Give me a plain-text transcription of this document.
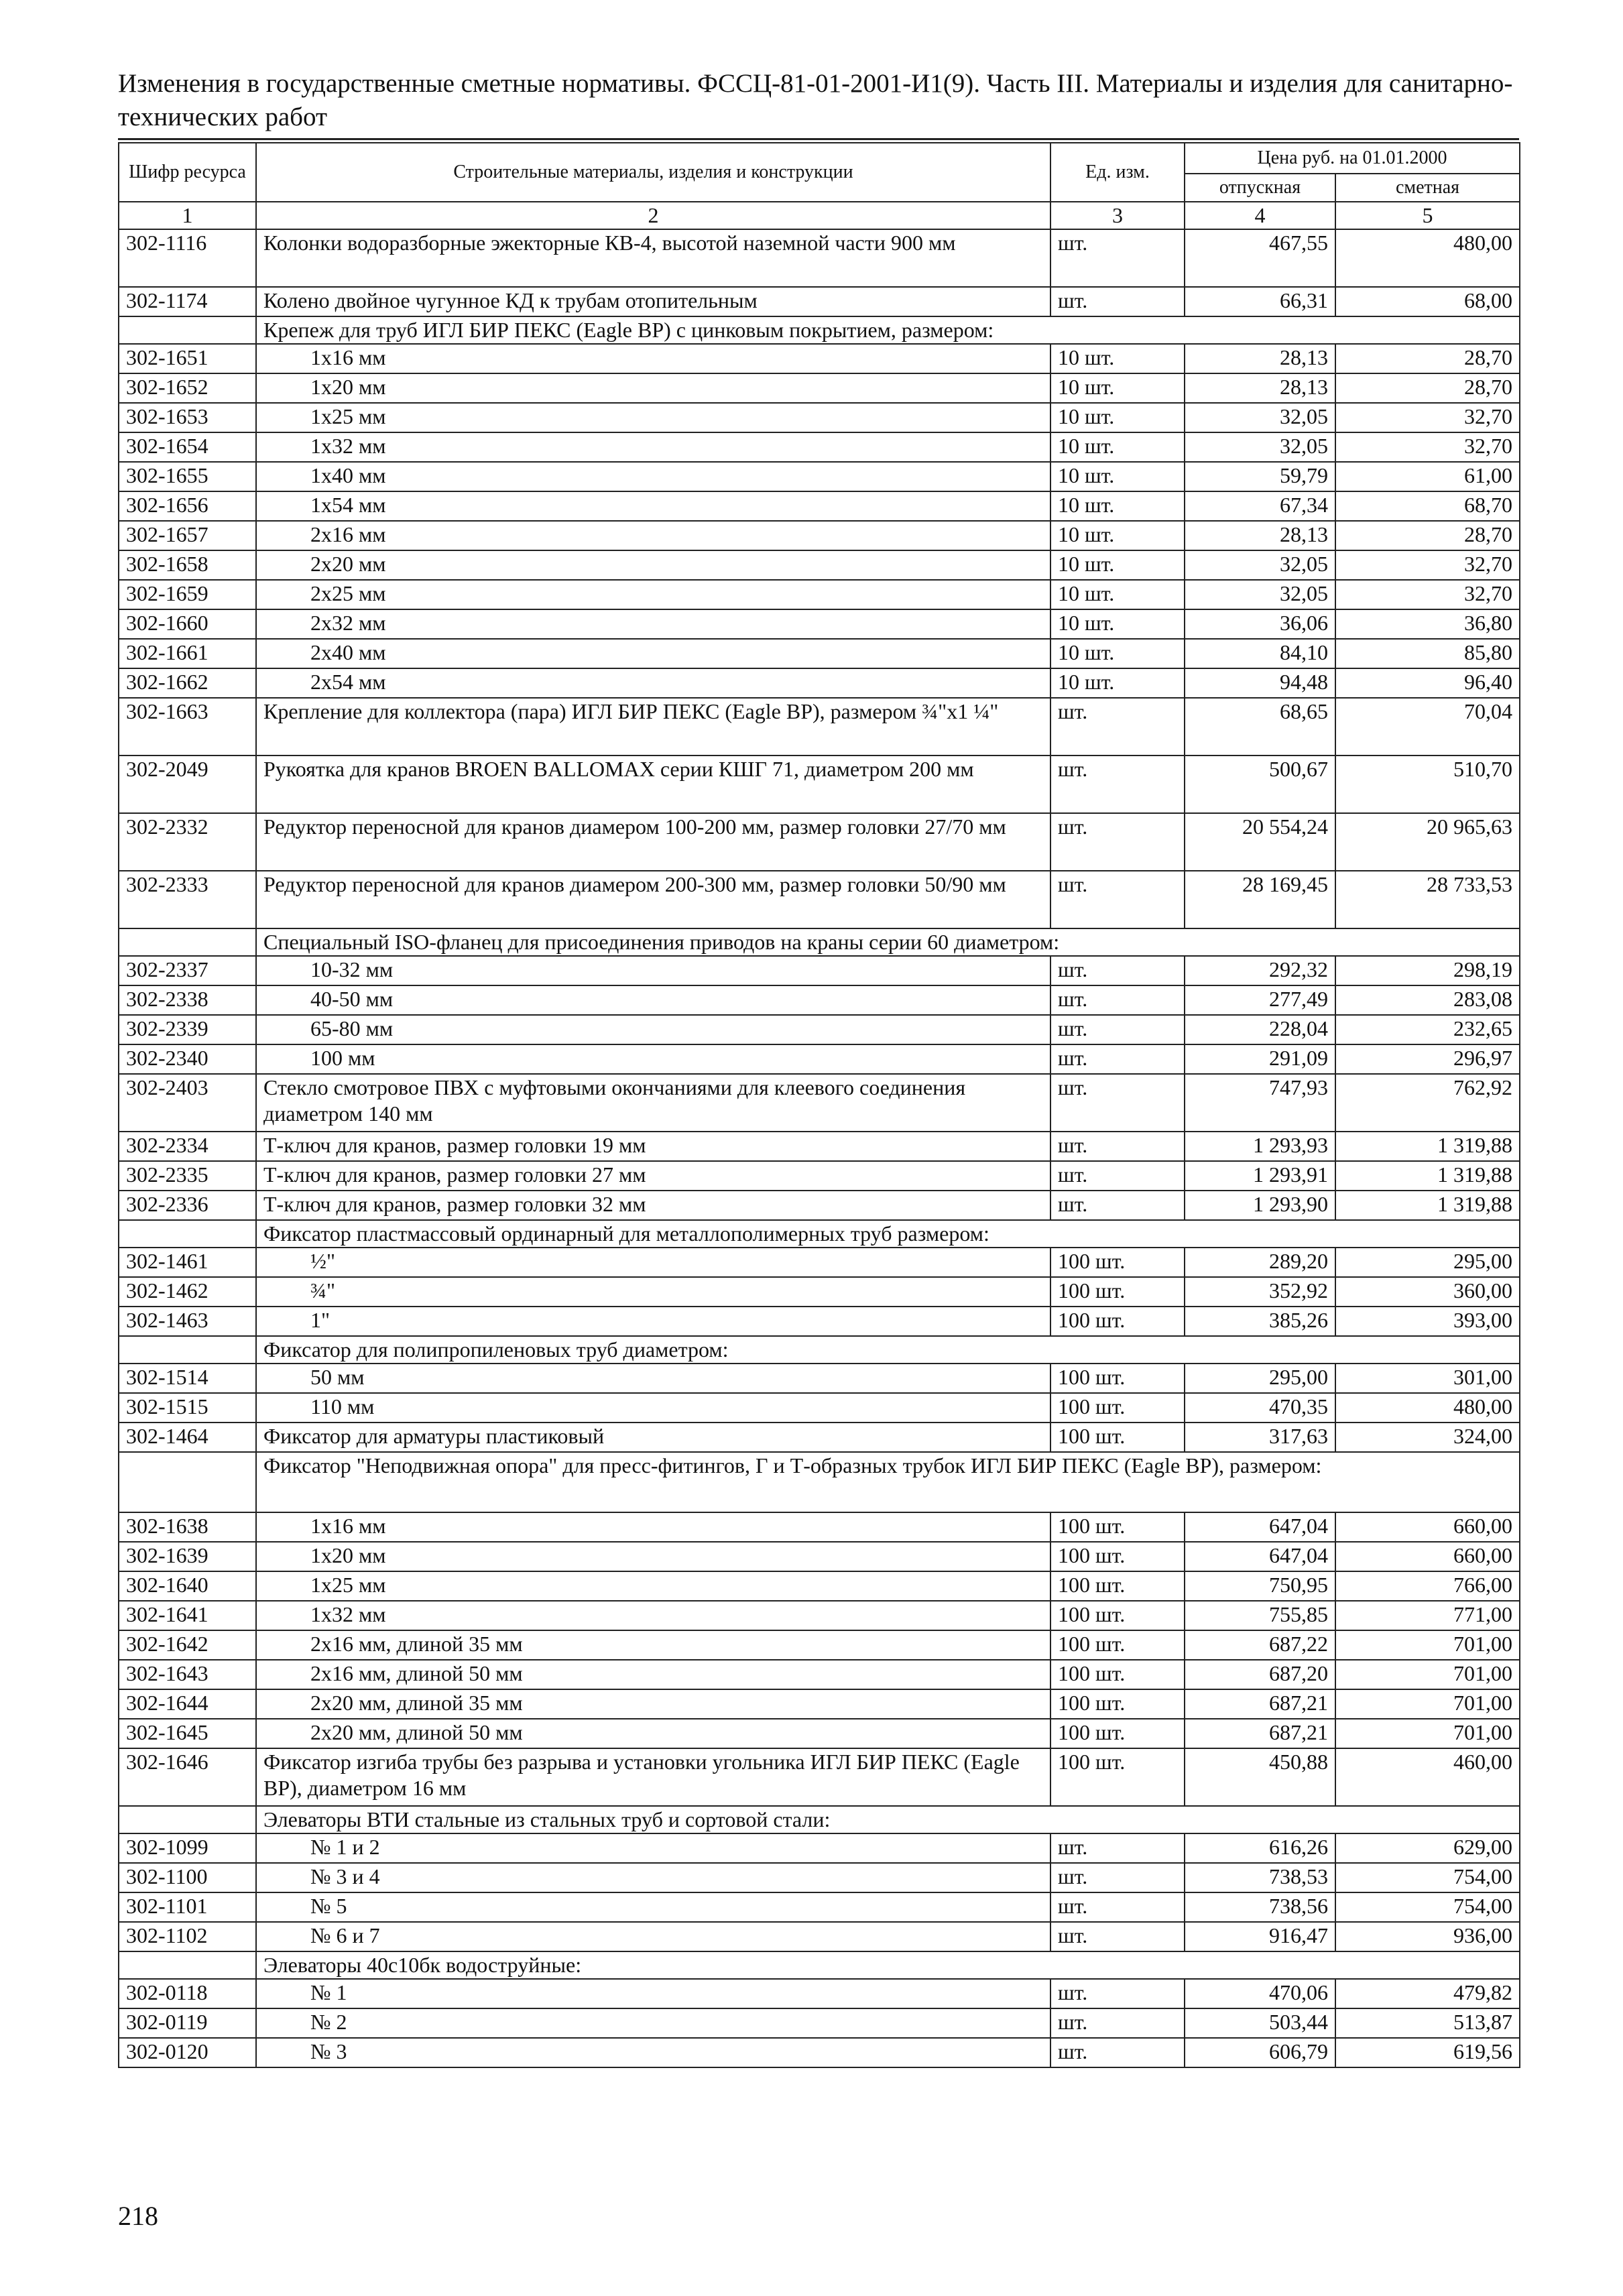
Изменения в государственные сметные нормативы. ФССЦ-81-01-2001-И1(9). Часть III. Материалы и изделия для санитарно-технических работ
Шифр ресурса	Строительные материалы, изделия и конструкции	Ед. изм.	Цена руб. на 01.01.2000	
			отпускная	сметная
1	2	3	4	5
302-1116	Колонки водоразборные эжекторные КВ-4, высотой наземной части 900 мм	шт.	467,55	480,00
302-1174	Колено двойное чугунное КД к трубам отопительным	шт.	66,31	68,00
	Крепеж для труб ИГЛ БИР ПЕКС (Eagle BP) с цинковым покрытием, размером:			
302-1651	1х16 мм	10 шт.	28,13	28,70
302-1652	1х20 мм	10 шт.	28,13	28,70
302-1653	1х25 мм	10 шт.	32,05	32,70
302-1654	1х32 мм	10 шт.	32,05	32,70
302-1655	1х40 мм	10 шт.	59,79	61,00
302-1656	1х54 мм	10 шт.	67,34	68,70
302-1657	2х16 мм	10 шт.	28,13	28,70
302-1658	2х20 мм	10 шт.	32,05	32,70
302-1659	2х25 мм	10 шт.	32,05	32,70
302-1660	2х32 мм	10 шт.	36,06	36,80
302-1661	2х40 мм	10 шт.	84,10	85,80
302-1662	2х54 мм	10 шт.	94,48	96,40
302-1663	Крепление для коллектора (пара) ИГЛ БИР ПЕКС (Eagle BP), размером ¾"х1 ¼"	шт.	68,65	70,04
302-2049	Рукоятка для кранов BROEN BALLOMAX серии КШГ 71, диаметром 200 мм	шт.	500,67	510,70
302-2332	Редуктор переносной для кранов диамером 100-200 мм, размер головки 27/70 мм	шт.	20 554,24	20 965,63
302-2333	Редуктор переносной для кранов диамером 200-300 мм, размер головки 50/90 мм	шт.	28 169,45	28 733,53
	Специальный ISO-фланец для присоединения приводов на краны серии 60 диаметром:			
302-2337	10-32 мм	шт.	292,32	298,19
302-2338	40-50 мм	шт.	277,49	283,08
302-2339	65-80 мм	шт.	228,04	232,65
302-2340	100 мм	шт.	291,09	296,97
302-2403	Стекло смотровое ПВХ с муфтовыми окончаниями для клеевого соединения диаметром 140 мм	шт.	747,93	762,92
302-2334	Т-ключ для кранов, размер головки 19 мм	шт.	1 293,93	1 319,88
302-2335	Т-ключ для кранов, размер головки 27 мм	шт.	1 293,91	1 319,88
302-2336	Т-ключ для кранов, размер головки 32 мм	шт.	1 293,90	1 319,88
	Фиксатор пластмассовый ординарный для металлополимерных труб размером:			
302-1461	½"	100 шт.	289,20	295,00
302-1462	¾"	100 шт.	352,92	360,00
302-1463	1"	100 шт.	385,26	393,00
	Фиксатор для полипропиленовых труб диаметром:			
302-1514	50 мм	100 шт.	295,00	301,00
302-1515	110 мм	100 шт.	470,35	480,00
302-1464	Фиксатор для арматуры пластиковый	100 шт.	317,63	324,00
	Фиксатор "Неподвижная опора" для пресс-фитингов, Г и Т-образных трубок ИГЛ БИР ПЕКС (Eagle BP), размером:			
302-1638	1х16 мм	100 шт.	647,04	660,00
302-1639	1х20 мм	100 шт.	647,04	660,00
302-1640	1х25 мм	100 шт.	750,95	766,00
302-1641	1х32 мм	100 шт.	755,85	771,00
302-1642	2х16 мм, длиной 35 мм	100 шт.	687,22	701,00
302-1643	2х16 мм, длиной 50 мм	100 шт.	687,20	701,00
302-1644	2х20 мм, длиной 35 мм	100 шт.	687,21	701,00
302-1645	2х20 мм, длиной 50 мм	100 шт.	687,21	701,00
302-1646	Фиксатор изгиба трубы без разрыва и установки угольника ИГЛ БИР ПЕКС (Eagle BP), диаметром 16 мм	100 шт.	450,88	460,00
	Элеваторы ВТИ стальные из стальных труб и сортовой стали:			
302-1099	№ 1 и 2	шт.	616,26	629,00
302-1100	№ 3 и 4	шт.	738,53	754,00
302-1101	№ 5	шт.	738,56	754,00
302-1102	№ 6 и 7	шт.	916,47	936,00
	Элеваторы 40с10бк водоструйные:			
302-0118	№ 1	шт.	470,06	479,82
302-0119	№ 2	шт.	503,44	513,87
302-0120	№ 3	шт.	606,79	619,56
218
